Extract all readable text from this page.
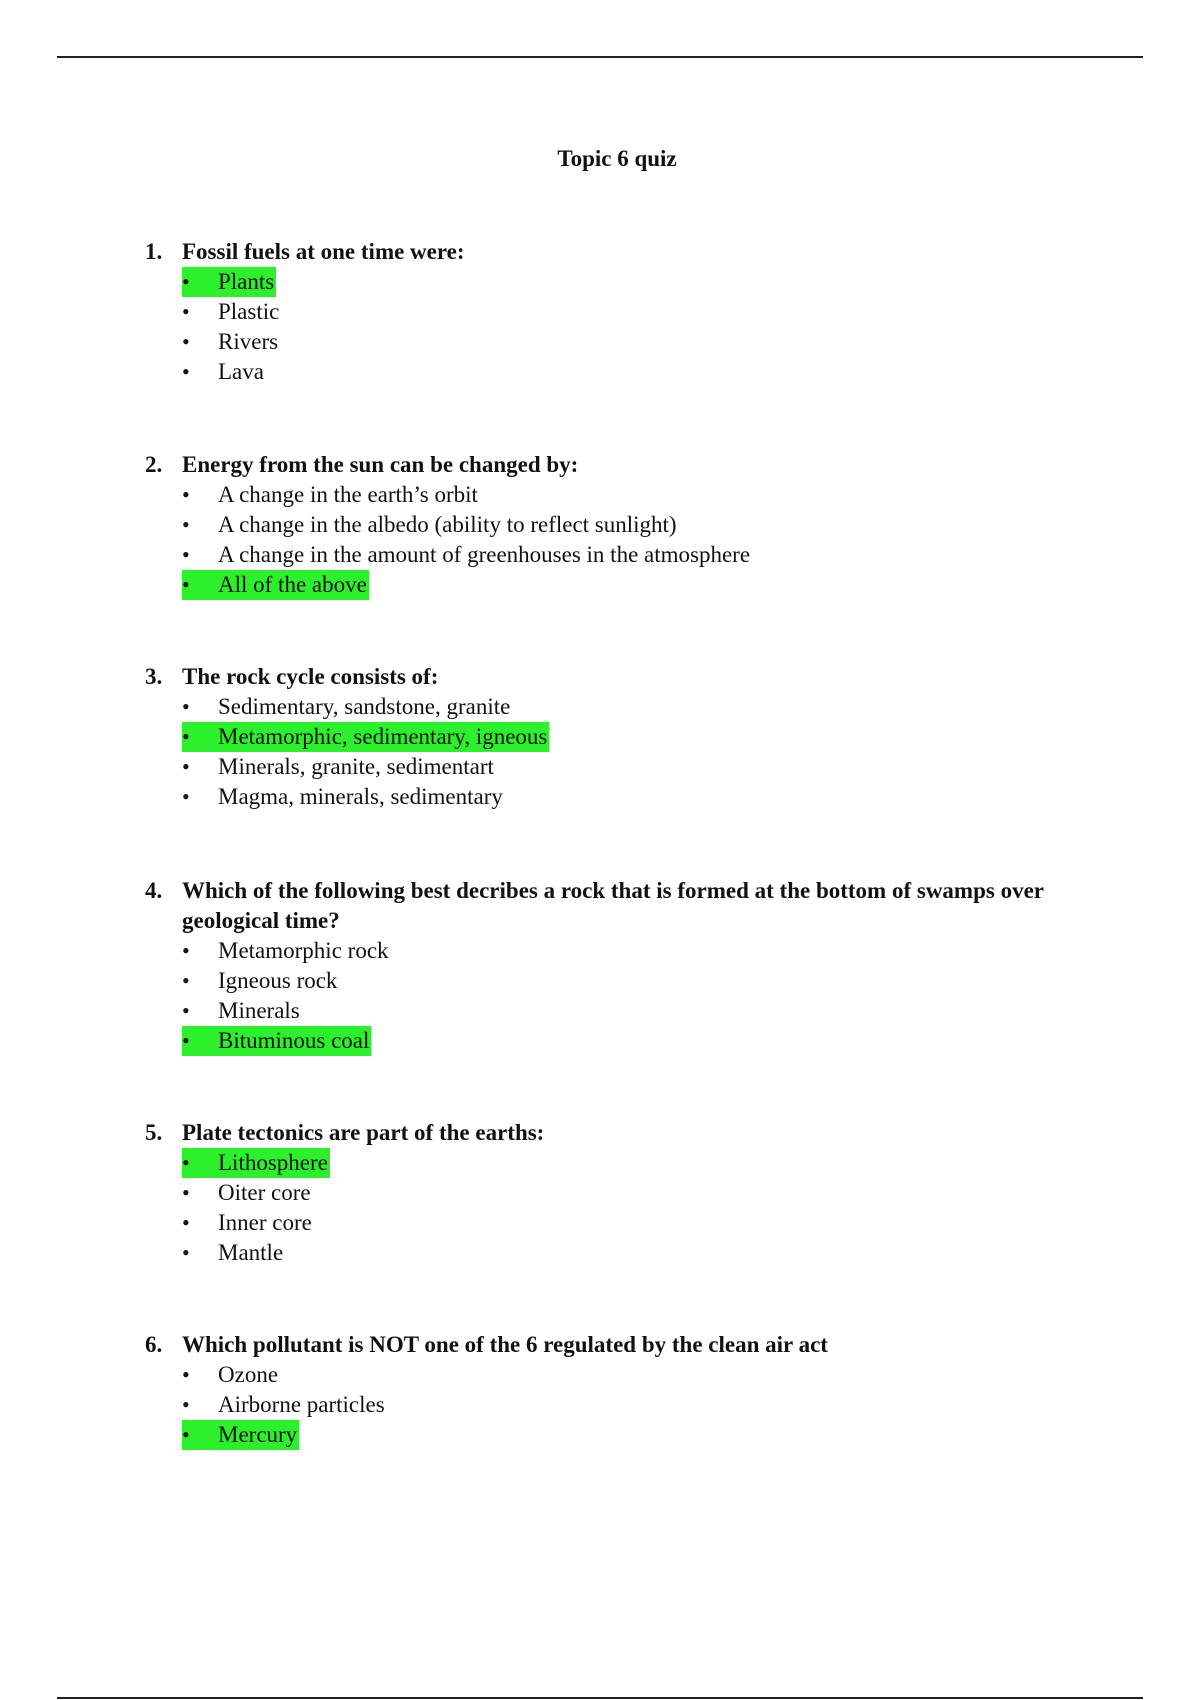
Topic 6 quiz
1. Fossil fuels at one time were:
• Plants
• Plastic
• Rivers
• Lava
2. Energy from the sun can be changed by:
• A change in the earth’s orbit
• A change in the albedo (ability to reflect sunlight)
• A change in the amount of greenhouses in the atmosphere
• All of the above
3. The rock cycle consists of:
• Sedimentary, sandstone, granite
• Metamorphic, sedimentary, igneous
• Minerals, granite, sedimentart
• Magma, minerals, sedimentary
4. Which of the following best decribes a rock that is formed at the bottom of swamps over geological time?
• Metamorphic rock
• Igneous rock
• Minerals
• Bituminous coal
5. Plate tectonics are part of the earths:
• Lithosphere
• Oiter core
• Inner core
• Mantle
6. Which pollutant is NOT one of the 6 regulated by the clean air act
• Ozone
• Airborne particles
• Mercury
